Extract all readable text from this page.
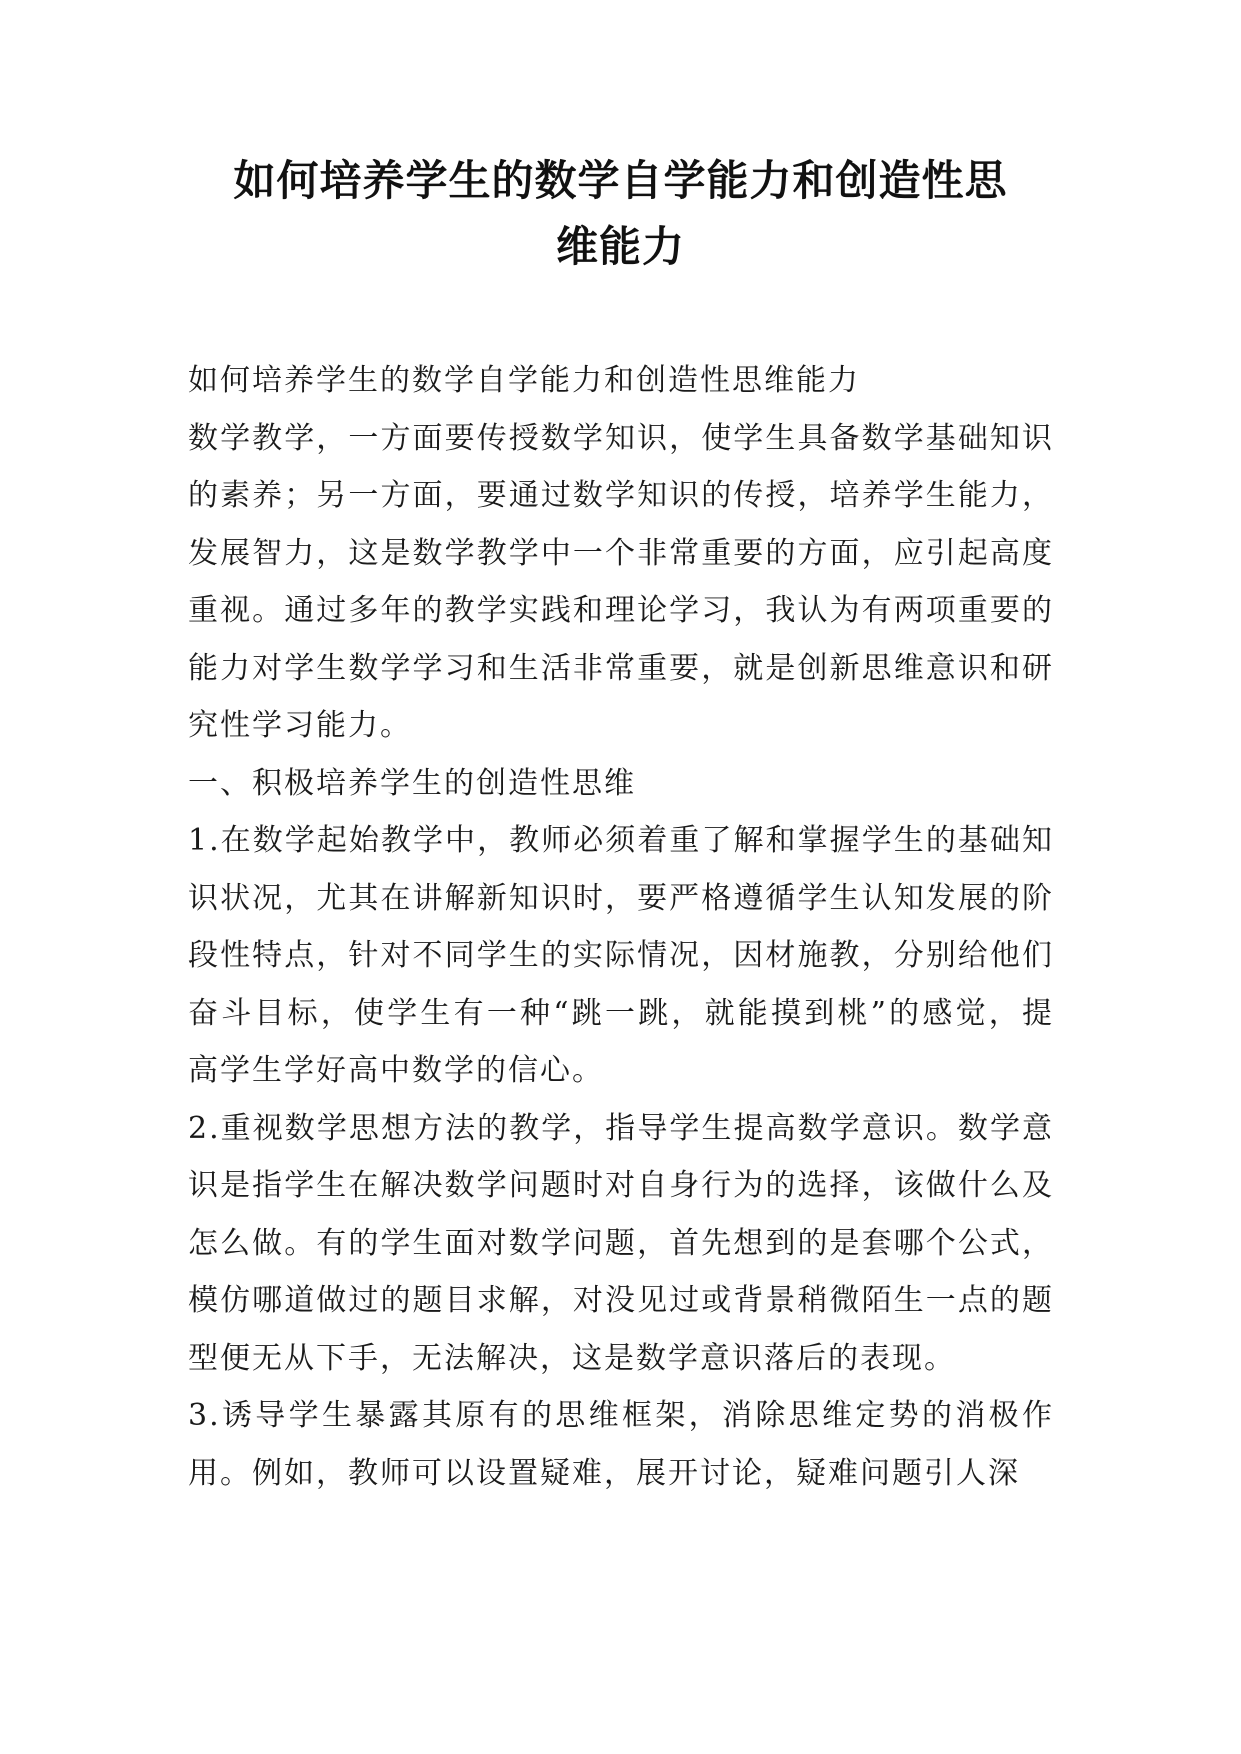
如何培养学生的数学自学能力和创造性思
维能力

如何培养学生的数学自学能力和创造性思维能力

数学教学，一方面要传授数学知识，使学生具备数学基础知识的素养；另一方面，要通过数学知识的传授，培养学生能力，发展智力，这是数学教学中一个非常重要的方面，应引起高度重视。通过多年的教学实践和理论学习，我认为有两项重要的能力对学生数学学习和生活非常重要，就是创新思维意识和研究性学习能力。

一、积极培养学生的创造性思维

1.在数学起始教学中，教师必须着重了解和掌握学生的基础知识状况，尤其在讲解新知识时，要严格遵循学生认知发展的阶段性特点，针对不同学生的实际情况，因材施教，分别给他们奋斗目标，使学生有一种“跳一跳，就能摸到桃”的感觉，提高学生学好高中数学的信心。

2.重视数学思想方法的教学，指导学生提高数学意识。数学意识是指学生在解决数学问题时对自身行为的选择，该做什么及怎么做。有的学生面对数学问题，首先想到的是套哪个公式，模仿哪道做过的题目求解，对没见过或背景稍微陌生一点的题型便无从下手，无法解决，这是数学意识落后的表现。

3.诱导学生暴露其原有的思维框架，消除思维定势的消极作用。例如，教师可以设置疑难，展开讨论，疑难问题引人深
